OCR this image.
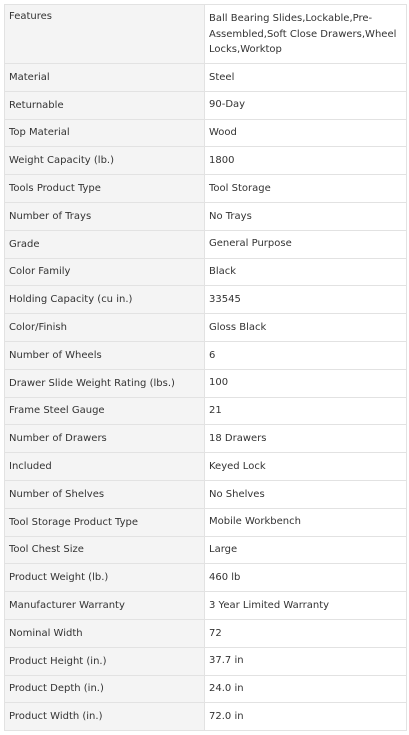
Features	Ball Bearing Slides,Lockable,Pre-Assembled,Soft Close Drawers,Wheel Locks,Worktop
Material	Steel
Returnable	90-Day
Top Material	Wood
Weight Capacity (lb.)	1800
Tools Product Type	Tool Storage
Number of Trays	No Trays
Grade	General Purpose
Color Family	Black
Holding Capacity (cu in.)	33545
Color/Finish	Gloss Black
Number of Wheels	6
Drawer Slide Weight Rating (lbs.)	100
Frame Steel Gauge	21
Number of Drawers	18 Drawers
Included	Keyed Lock
Number of Shelves	No Shelves
Tool Storage Product Type	Mobile Workbench
Tool Chest Size	Large
Product Weight (lb.)	460 lb
Manufacturer Warranty	3 Year Limited Warranty
Nominal Width	72
Product Height (in.)	37.7 in
Product Depth (in.)	24.0 in
Product Width (in.)	72.0 in
